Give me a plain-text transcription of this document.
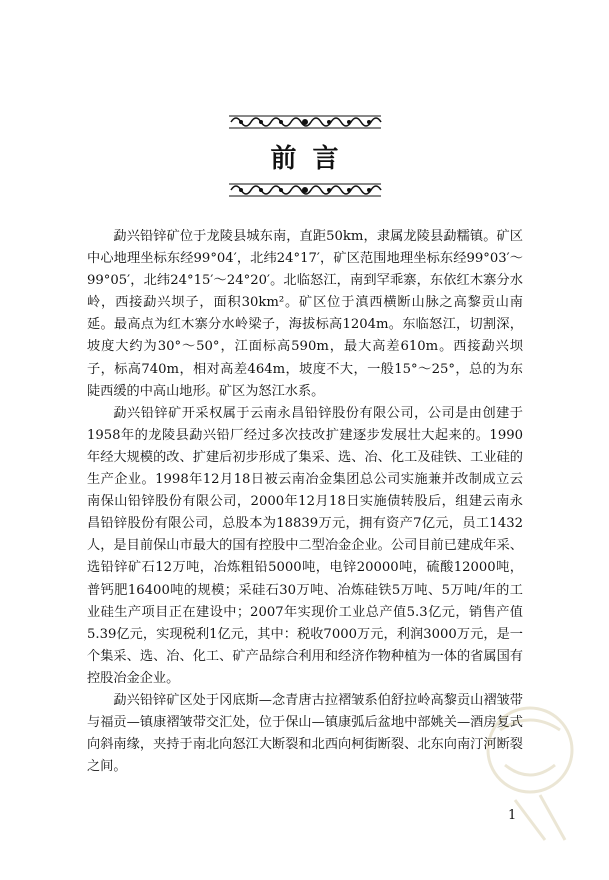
前言

勐兴铅锌矿位于龙陵县城东南，直距50km，隶属龙陵县勐糯镇。矿区中心地理坐标东经99°04′，北纬24°17′，矿区范围地理坐标东经99°03′～99°05′，北纬24°15′～24°20′。北临怒江，南到罕乖寨，东依红木寨分水岭，西接勐兴坝子，面积30km²。矿区位于滇西横断山脉之高黎贡山南延。最高点为红木寨分水岭梁子，海拔标高1204m。东临怒江，切割深，坡度大约为30°～50°，江面标高590m，最大高差610m。西接勐兴坝子，标高740m，相对高差464m，坡度不大，一般15°～25°，总的为东陡西缓的中高山地形。矿区为怒江水系。

勐兴铅锌矿开采权属于云南永昌铅锌股份有限公司，公司是由创建于1958年的龙陵县勐兴铅厂经过多次技改扩建逐步发展壮大起来的。1990年经大规模的改、扩建后初步形成了集采、选、冶、化工及硅铁、工业硅的生产企业。1998年12月18日被云南冶金集团总公司实施兼并改制成立云南保山铅锌股份有限公司，2000年12月18日实施债转股后，组建云南永昌铅锌股份有限公司，总股本为18839万元，拥有资产7亿元，员工1432人，是目前保山市最大的国有控股中二型冶金企业。公司目前已建成年采、选铅锌矿石12万吨，冶炼粗铅5000吨，电锌20000吨，硫酸12000吨，普钙肥16400吨的规模；采硅石30万吨、冶炼硅铁5万吨、5万吨/年的工业硅生产项目正在建设中；2007年实现价工业总产值5.3亿元，销售产值5.39亿元，实现税利1亿元，其中：税收7000万元，利润3000万元，是一个集采、选、冶、化工、矿产品综合利用和经济作物种植为一体的省属国有控股冶金企业。

勐兴铅锌矿区处于冈底斯—念青唐古拉褶皱系伯舒拉岭高黎贡山褶皱带与福贡—镇康褶皱带交汇处，位于保山—镇康弧后盆地中部姚关—酒房复式向斜南缘，夹持于南北向怒江大断裂和北西向柯街断裂、北东向南汀河断裂之间。

1
